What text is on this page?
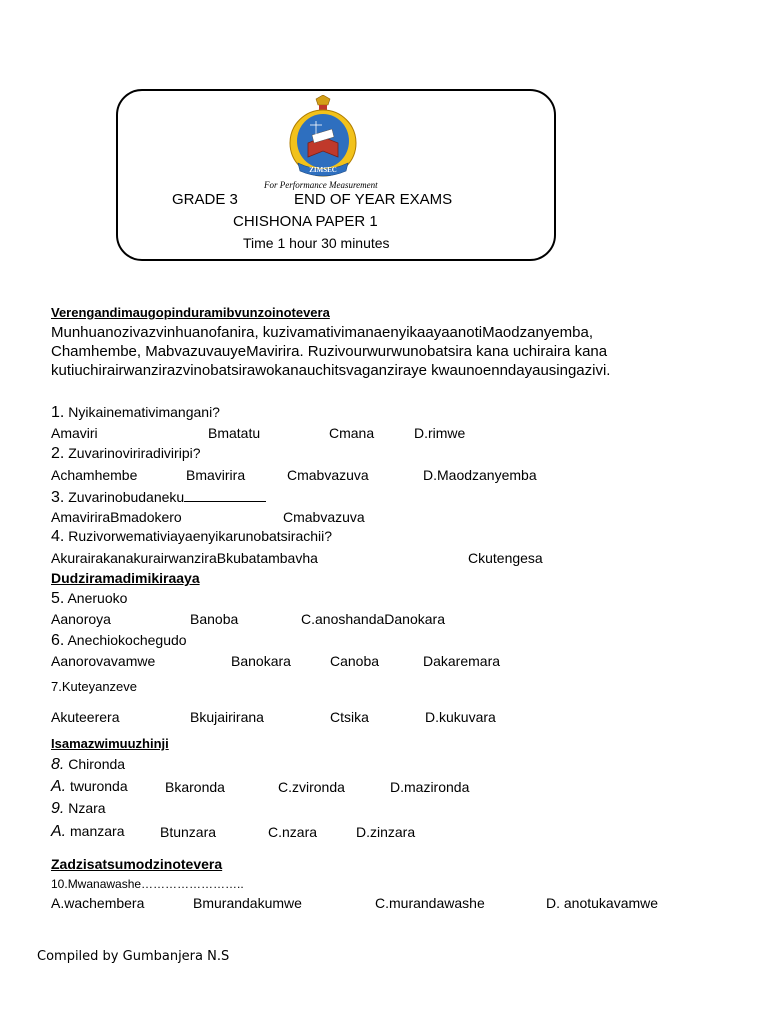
ZIMSEC
For Performance Measurement
GRADE 3	END OF YEAR EXAMS
CHISHONA PAPER 1
Time 1 hour 30 minutes
Verengandimaugopinduramibvunzoinotevera
Munhuanozivazvinhuanofanira, kuzivamativimanaenyikaayaanotiMaodzanyemba,
Chamhembe, MabvazuvauyeMavirira. Ruzivourwurwunobatsira kana uchiraira kana
kutiuchirairwanzirazvinobatsirawokanauchitsvaganziraye kwaunoenndayausingazivi.
1. Nyikainemativimangani?
Amaviri	Bmatatu	Cmana	D.rimwe
2. Zuvarinoviriradiviripi?
Achamhembe	Bmavirira	Cmabvazuva	D.Maodzanyemba
3. Zuvarinobudaneku
AmaviriraBmadokero	Cmabvazuva
4. Ruzivorwemativiayaenyikarunobatsirachii?
AkurairakanakurairwanziraBkubatambavha	Ckutengesa
Dudziramadimikiraaya
5. Aneruoko
Aanoroya	Banoba	C.anoshandaDanokara
6. Anechiokochegudo
Aanorovavamwe	Banokara	Canoba	Dakaremara
7.Kuteyanzeve
Akuteerera	Bkujairirana	Ctsika	D.kukuvara
Isamazwimuuzhinji
8. Chironda
A. twuronda	Bkaronda	C.zvironda	D.mazironda
9. Nzara
A. manzara	Btunzara	C.nzara	D.zinzara
Zadzisatsumodzinotevera
10.Mwanawashe……………………..
A.wachembera	Bmurandakumwe	C.murandawashe	D. anotukavamwe
Compiled by Gumbanjera N.S
